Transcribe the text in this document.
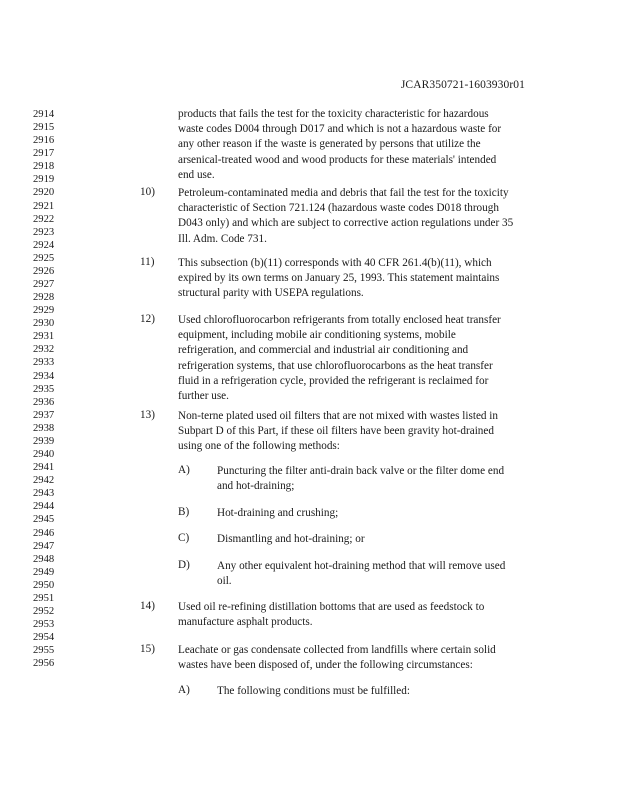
JCAR350721-1603930r01
2914
2915
2916
2917
2918
2919
2920
2921
2922
2923
2924
2925
2926
2927
2928
2929
2930
2931
2932
2933
2934
2935
2936
2937
2938
2939
2940
2941
2942
2943
2944
2945
2946
2947
2948
2949
2950
2951
2952
2953
2954
2955
2956
products that fails the test for the toxicity characteristic for hazardous
waste codes D004 through D017 and which is not a hazardous waste for
any other reason if the waste is generated by persons that utilize the
arsenical-treated wood and wood products for these materials' intended
end use.
10) Petroleum-contaminated media and debris that fail the test for the toxicity
characteristic of Section 721.124 (hazardous waste codes D018 through
D043 only) and which are subject to corrective action regulations under 35
Ill. Adm. Code 731.
11) This subsection (b)(11) corresponds with 40 CFR 261.4(b)(11), which
expired by its own terms on January 25, 1993. This statement maintains
structural parity with USEPA regulations.
12) Used chlorofluorocarbon refrigerants from totally enclosed heat transfer
equipment, including mobile air conditioning systems, mobile
refrigeration, and commercial and industrial air conditioning and
refrigeration systems, that use chlorofluorocarbons as the heat transfer
fluid in a refrigeration cycle, provided the refrigerant is reclaimed for
further use.
13) Non-terne plated used oil filters that are not mixed with wastes listed in
Subpart D of this Part, if these oil filters have been gravity hot-drained
using one of the following methods:
A) Puncturing the filter anti-drain back valve or the filter dome end
and hot-draining;
B) Hot-draining and crushing;
C) Dismantling and hot-draining; or
D) Any other equivalent hot-draining method that will remove used
oil.
14) Used oil re-refining distillation bottoms that are used as feedstock to
manufacture asphalt products.
15) Leachate or gas condensate collected from landfills where certain solid
wastes have been disposed of, under the following circumstances:
A) The following conditions must be fulfilled:
